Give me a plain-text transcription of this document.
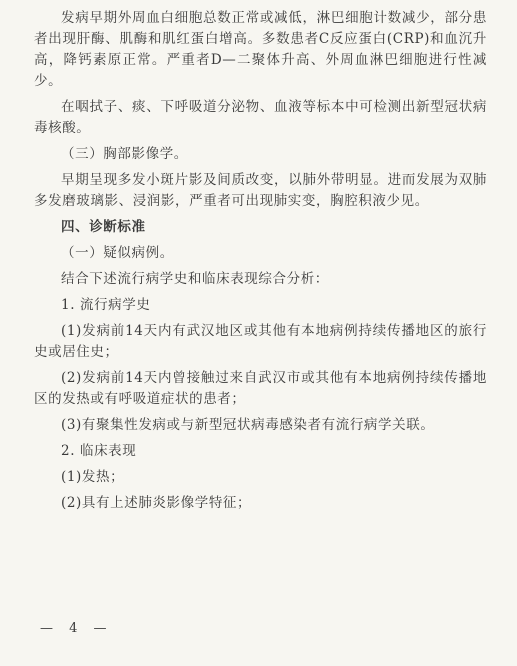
发病早期外周血白细胞总数正常或减低，淋巴细胞计数减少，部分患者出现肝酶、肌酶和肌红蛋白增高。多数患者C反应蛋白(CRP)和血沉升高，降钙素原正常。严重者D—二聚体升高、外周血淋巴细胞进行性减少。

在咽拭子、痰、下呼吸道分泌物、血液等标本中可检测出新型冠状病毒核酸。

（三）胸部影像学。

早期呈现多发小斑片影及间质改变，以肺外带明显。进而发展为双肺多发磨玻璃影、浸润影，严重者可出现肺实变，胸腔积液少见。

四、诊断标准

（一）疑似病例。

结合下述流行病学史和临床表现综合分析：

1. 流行病学史

(1)发病前14天内有武汉地区或其他有本地病例持续传播地区的旅行史或居住史；

(2)发病前14天内曾接触过来自武汉市或其他有本地病例持续传播地区的发热或有呼吸道症状的患者；

(3)有聚集性发病或与新型冠状病毒感染者有流行病学关联。

2. 临床表现

(1)发热；

(2)具有上述肺炎影像学特征；

— 4 —
